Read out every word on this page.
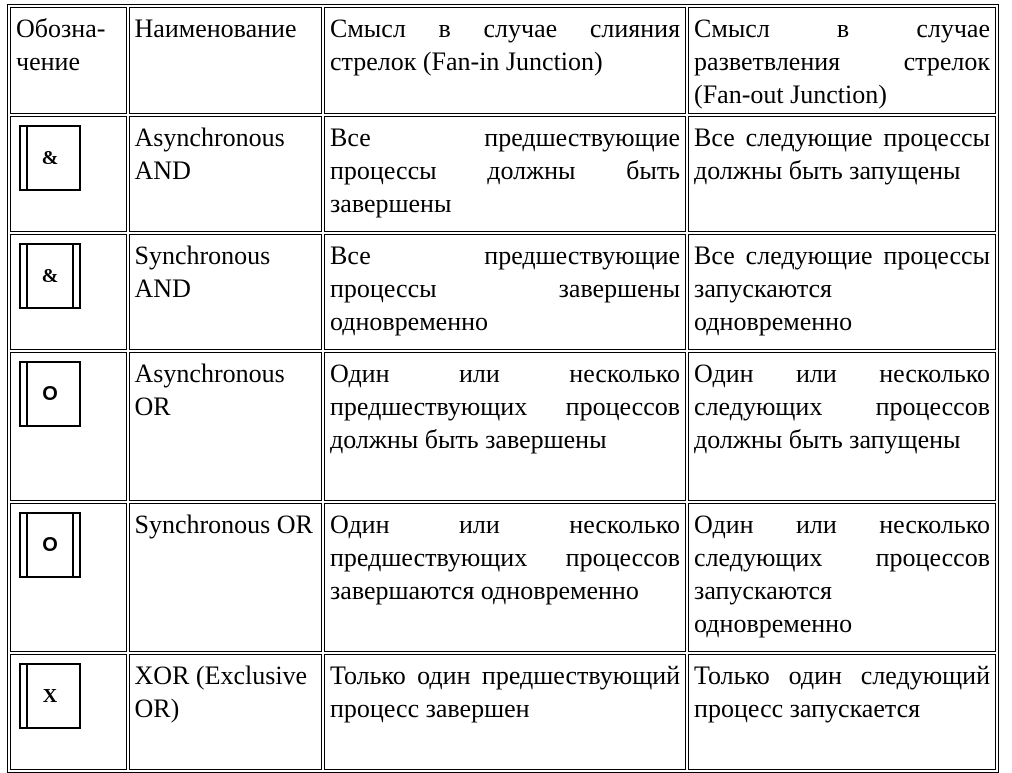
Обозна-чение	Наименование	Смысл в случае слияния стрелок (Fan-in Junction)	Смысл в случае разветвления стрелок (Fan-out Junction)

&	Asynchronous AND	Все предшествующие процессы должны быть завершены	Все следующие процессы должны быть запущены

&	Synchronous AND	Все предшествующие процессы завершены одновременно	Все следующие процессы запускаются одновременно

O	Asynchronous OR	Один или несколько предшествующих процессов должны быть завершены	Один или несколько следующих процессов должны быть запущены

O	Synchronous OR	Один или несколько предшествующих процессов завершаются одновременно	Один или несколько следующих процессов запускаются одновременно

X	XOR (Exclusive OR)	Только один предшествующий процесс завершен	Только один следующий процесс запускается
